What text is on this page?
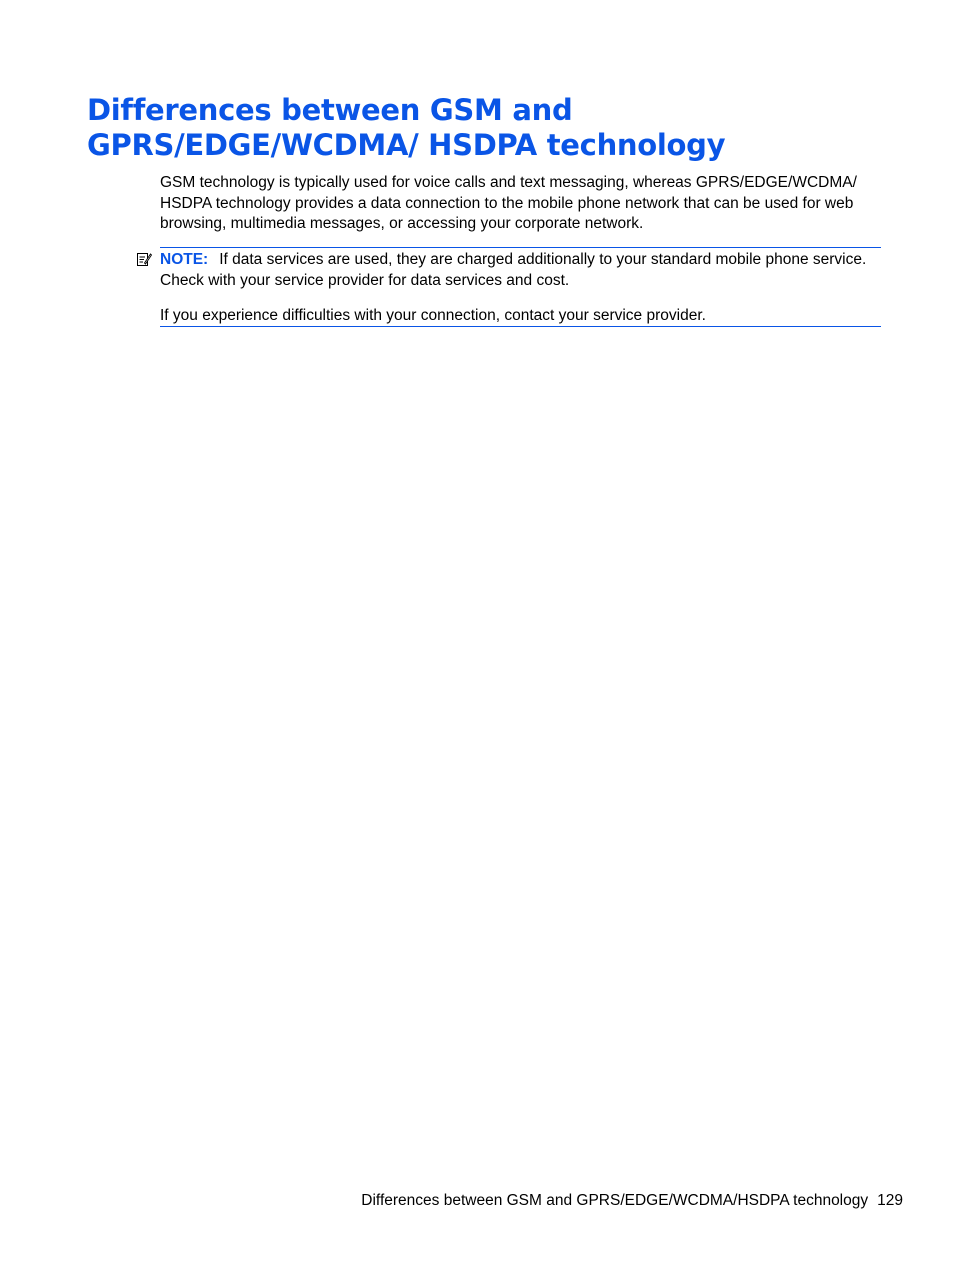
Differences between GSM and GPRS/EDGE/WCDMA/ HSDPA technology

GSM technology is typically used for voice calls and text messaging, whereas GPRS/EDGE/WCDMA/ HSDPA technology provides a data connection to the mobile phone network that can be used for web browsing, multimedia messages, or accessing your corporate network.

NOTE: If data services are used, they are charged additionally to your standard mobile phone service. Check with your service provider for data services and cost.

If you experience difficulties with your connection, contact your service provider.

Differences between GSM and GPRS/EDGE/WCDMA/HSDPA technology 129
